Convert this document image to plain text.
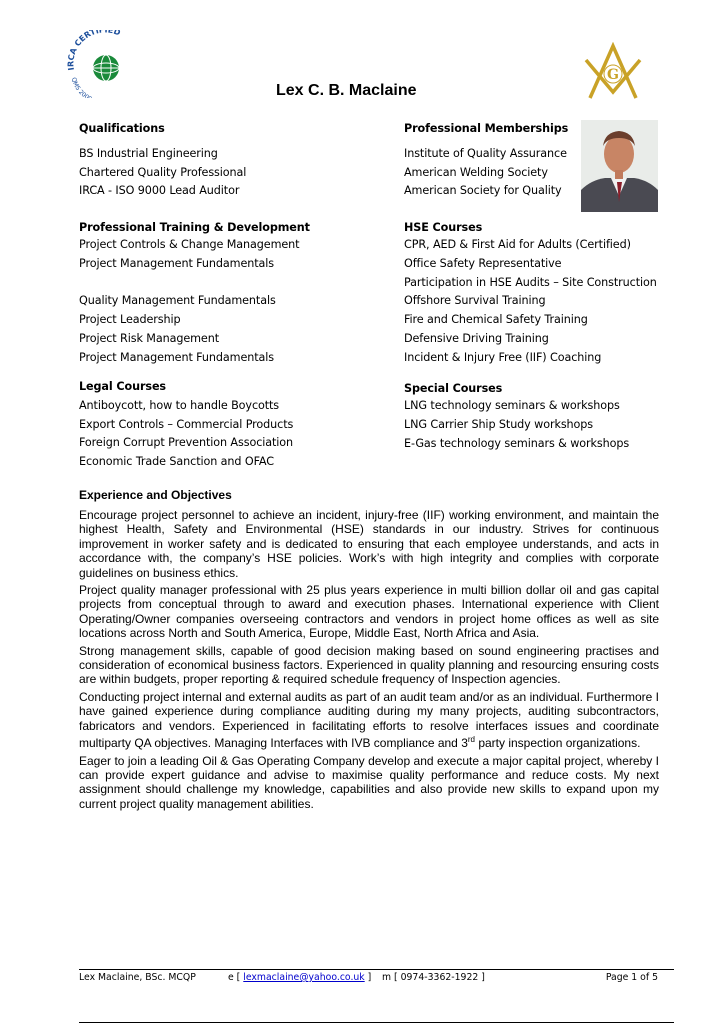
IRCA CERTIF ED
QMS 200
G
Lex C. B. Maclaine
Qualifications
BS Industrial Engineering
Chartered Quality Professional
IRCA - ISO 9000 Lead Auditor
Professional Memberships
Institute of Quality Assurance
American Welding Society
American Society for Quality
Professional Training & Development
Project Controls & Change Management
Project Management Fundamentals
Quality Management Fundamentals
Project Leadership
Project Risk Management
Project Management Fundamentals
HSE Courses
CPR, AED & First Aid for Adults (Certified)
Office Safety Representative
Participation in HSE Audits – Site Construction
Offshore Survival Training
Fire and Chemical Safety Training
Defensive Driving Training
Incident & Injury Free (IIF) Coaching
Legal Courses
Antiboycott, how to handle Boycotts
Export Controls – Commercial Products
Foreign Corrupt Prevention Association
Economic Trade Sanction and OFAC
Special Courses
LNG technology seminars & workshops
LNG Carrier Ship Study workshops
E-Gas technology seminars & workshops
Experience and Objectives

Encourage project personnel to achieve an incident, injury-free (IIF) working environment, and maintain the highest Health, Safety and Environmental (HSE) standards in our industry. Strives for continuous improvement in worker safety and is dedicated to ensuring that each employee understands, and acts in accordance with, the company’s HSE policies. Work’s with high integrity and complies with corporate guidelines on business ethics.

Project quality manager professional with 25 plus years experience in multi billion dollar oil and gas capital projects from conceptual through to award and execution phases. International experience with Client Operating/Owner companies overseeing contractors and vendors in project home offices as well as site locations across North and South America, Europe, Middle East, North Africa and Asia.

Strong management skills, capable of good decision making based on sound engineering practises and consideration of economical business factors. Experienced in quality planning and resourcing ensuring costs are within budgets, proper reporting & required schedule frequency of Inspection agencies.

Conducting project internal and external audits as part of an audit team and/or as an individual. Furthermore I have gained experience during compliance auditing during my many projects, auditing subcontractors, fabricators and vendors. Experienced in facilitating efforts to resolve interfaces issues and coordinate multiparty QA objectives. Managing Interfaces with IVB compliance and 3rd party inspection organizations.

Eager to join a leading Oil & Gas Operating Company develop and execute a major capital project, whereby I can provide expert guidance and advise to maximise quality performance and reduce costs. My next assignment should challenge my knowledge, capabilities and also provide new skills to expand upon my current project quality management abilities.

Lex Maclaine, BSc. MCQP	e [ lexmaclaine@yahoo.co.uk ] m [ 0974-3362-1922 ]	Page 1 of 5
